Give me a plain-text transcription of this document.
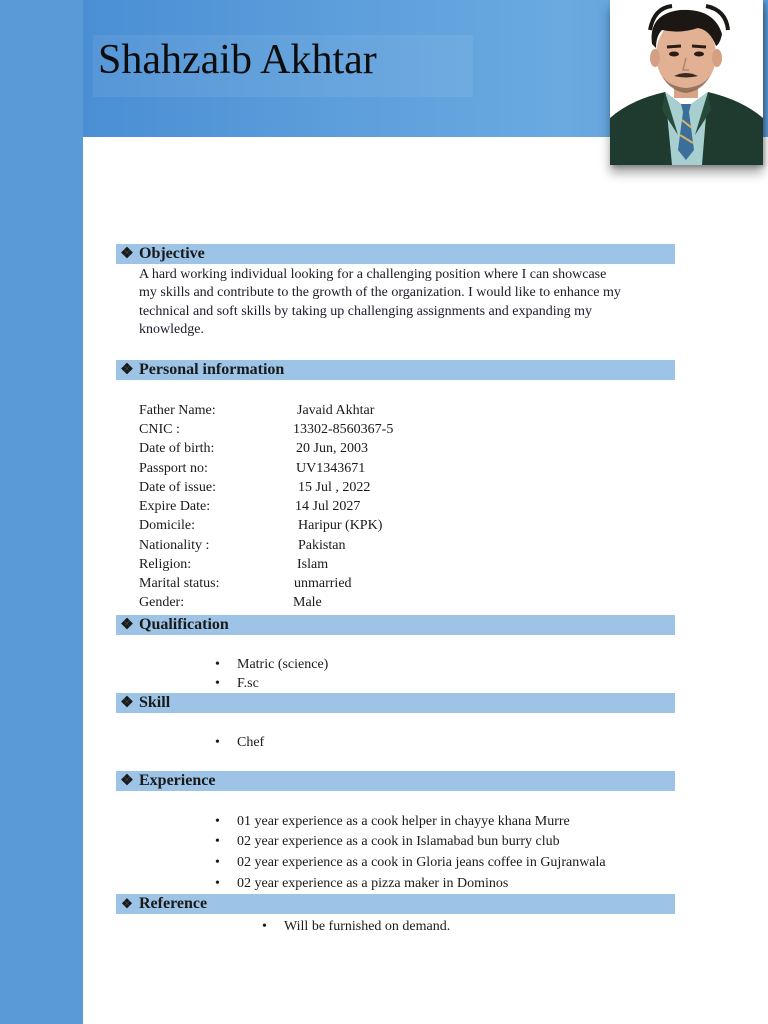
Shahzaib Akhtar
❖ Objective
A hard working individual looking for a challenging position where I can showcase
my skills and contribute to the growth of the organization. I would like to enhance my
technical and soft skills by taking up challenging assignments and expanding my
knowledge.
❖ Personal information
Father Name:	Javaid Akhtar
CNIC :	13302-8560367-5
Date of birth:	20 Jun, 2003
Passport no:	UV1343671
Date of issue:	15 Jul , 2022
Expire Date:	14 Jul 2027
Domicile:	Haripur (KPK)
Nationality :	Pakistan
Religion:	Islam
Marital status:	unmarried
Gender:	Male
❖ Qualification
• Matric (science)
• F.sc
❖ Skill
• Chef
❖ Experience
• 01 year experience as a cook helper in chayye khana Murre
• 02 year experience as a cook in Islamabad bun burry club
• 02 year experience as a cook in Gloria jeans coffee in Gujranwala
• 02 year experience as a pizza maker in Dominos
❖ Reference
• Will be furnished on demand.
